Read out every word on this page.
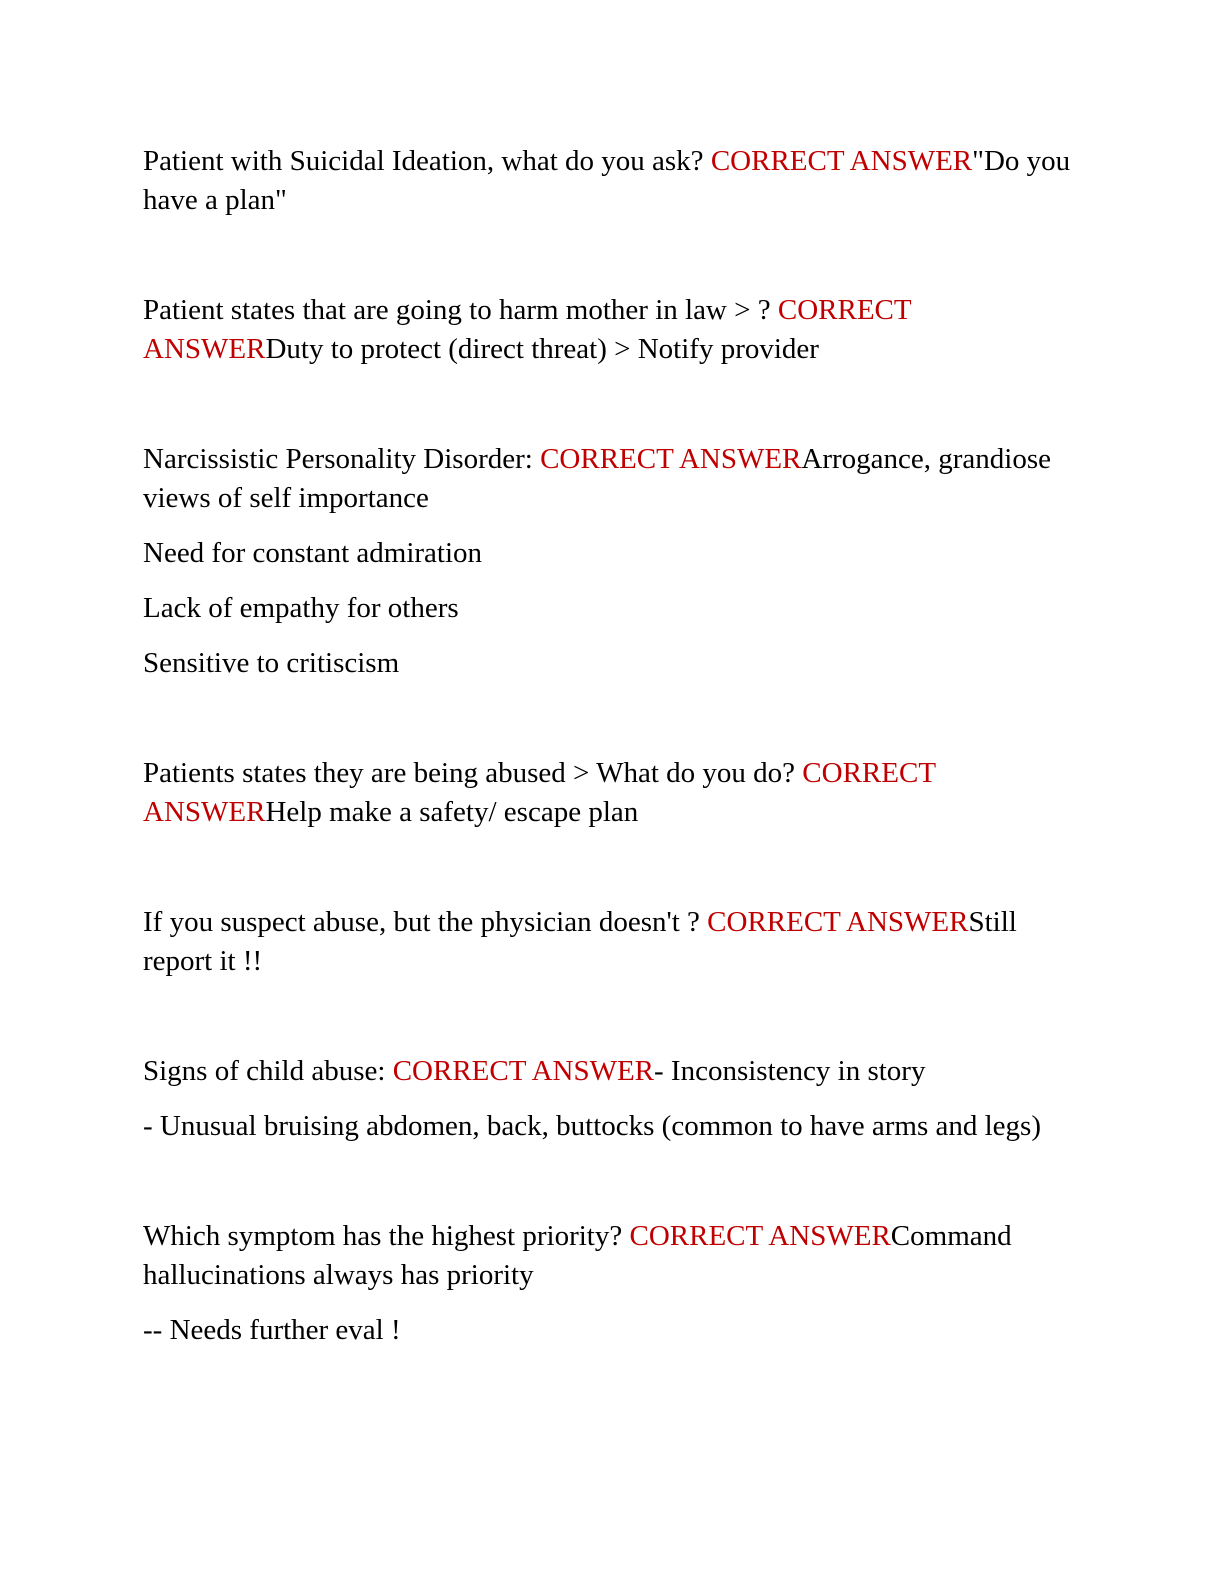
Patient with Suicidal Ideation, what do you ask? CORRECT ANSWER"Do you have a plan"

Patient states that are going to harm mother in law > ? CORRECT ANSWERDuty to protect (direct threat) > Notify provider

Narcissistic Personality Disorder: CORRECT ANSWERArrogance, grandiose views of self importance

Need for constant admiration

Lack of empathy for others

Sensitive to critiscism

Patients states they are being abused > What do you do? CORRECT ANSWERHelp make a safety/ escape plan

If you suspect abuse, but the physician doesn't ? CORRECT ANSWERStill report it !!

Signs of child abuse: CORRECT ANSWER- Inconsistency in story

- Unusual bruising abdomen, back, buttocks (common to have arms and legs)

Which symptom has the highest priority? CORRECT ANSWERCommand hallucinations always has priority

-- Needs further eval !
